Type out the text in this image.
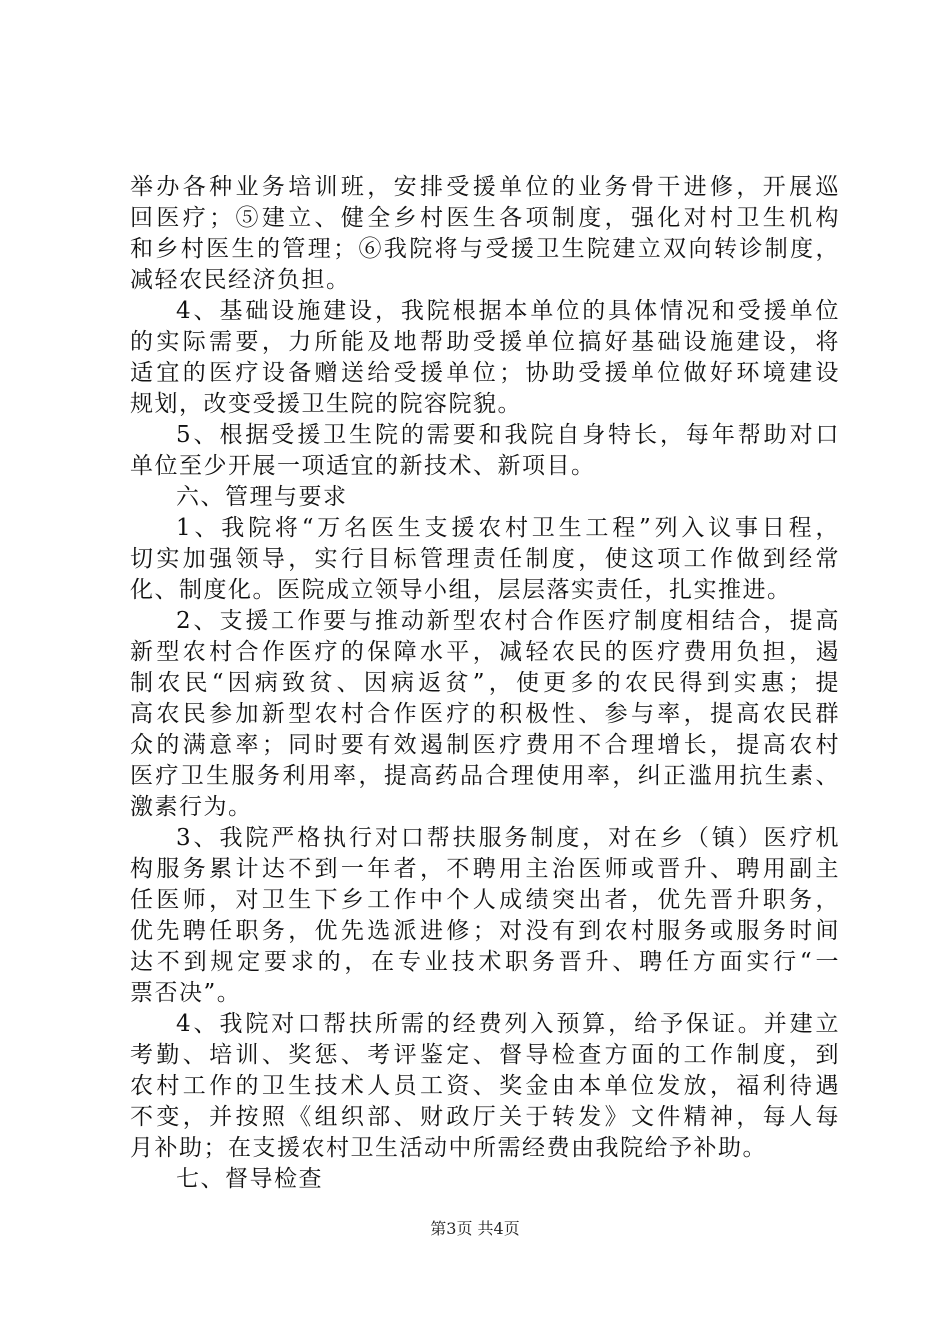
举办各种业务培训班，安排受援单位的业务骨干进修，开展巡
回医疗；⑤建立、健全乡村医生各项制度，强化对村卫生机构
和乡村医生的管理；⑥我院将与受援卫生院建立双向转诊制度，
减轻农民经济负担。
4、基础设施建设，我院根据本单位的具体情况和受援单位
的实际需要，力所能及地帮助受援单位搞好基础设施建设，将
适宜的医疗设备赠送给受援单位；协助受援单位做好环境建设
规划，改变受援卫生院的院容院貌。
5、根据受援卫生院的需要和我院自身特长，每年帮助对口
单位至少开展一项适宜的新技术、新项目。
六、管理与要求
1、我院将“万名医生支援农村卫生工程”列入议事日程，
切实加强领导，实行目标管理责任制度，使这项工作做到经常
化、制度化。医院成立领导小组，层层落实责任，扎实推进。
2、支援工作要与推动新型农村合作医疗制度相结合，提高
新型农村合作医疗的保障水平，减轻农民的医疗费用负担，遏
制农民“因病致贫、因病返贫”，使更多的农民得到实惠；提
高农民参加新型农村合作医疗的积极性、参与率，提高农民群
众的满意率；同时要有效遏制医疗费用不合理增长，提高农村
医疗卫生服务利用率，提高药品合理使用率，纠正滥用抗生素、
激素行为。
3、我院严格执行对口帮扶服务制度，对在乡（镇）医疗机
构服务累计达不到一年者，不聘用主治医师或晋升、聘用副主
任医师，对卫生下乡工作中个人成绩突出者，优先晋升职务，
优先聘任职务，优先选派进修；对没有到农村服务或服务时间
达不到规定要求的，在专业技术职务晋升、聘任方面实行“一
票否决”。
4、我院对口帮扶所需的经费列入预算，给予保证。并建立
考勤、培训、奖惩、考评鉴定、督导检查方面的工作制度，到
农村工作的卫生技术人员工资、奖金由本单位发放，福利待遇
不变，并按照《组织部、财政厅关于转发》文件精神，每人每
月补助；在支援农村卫生活动中所需经费由我院给予补助。
七、督导检查
第3页 共4页
